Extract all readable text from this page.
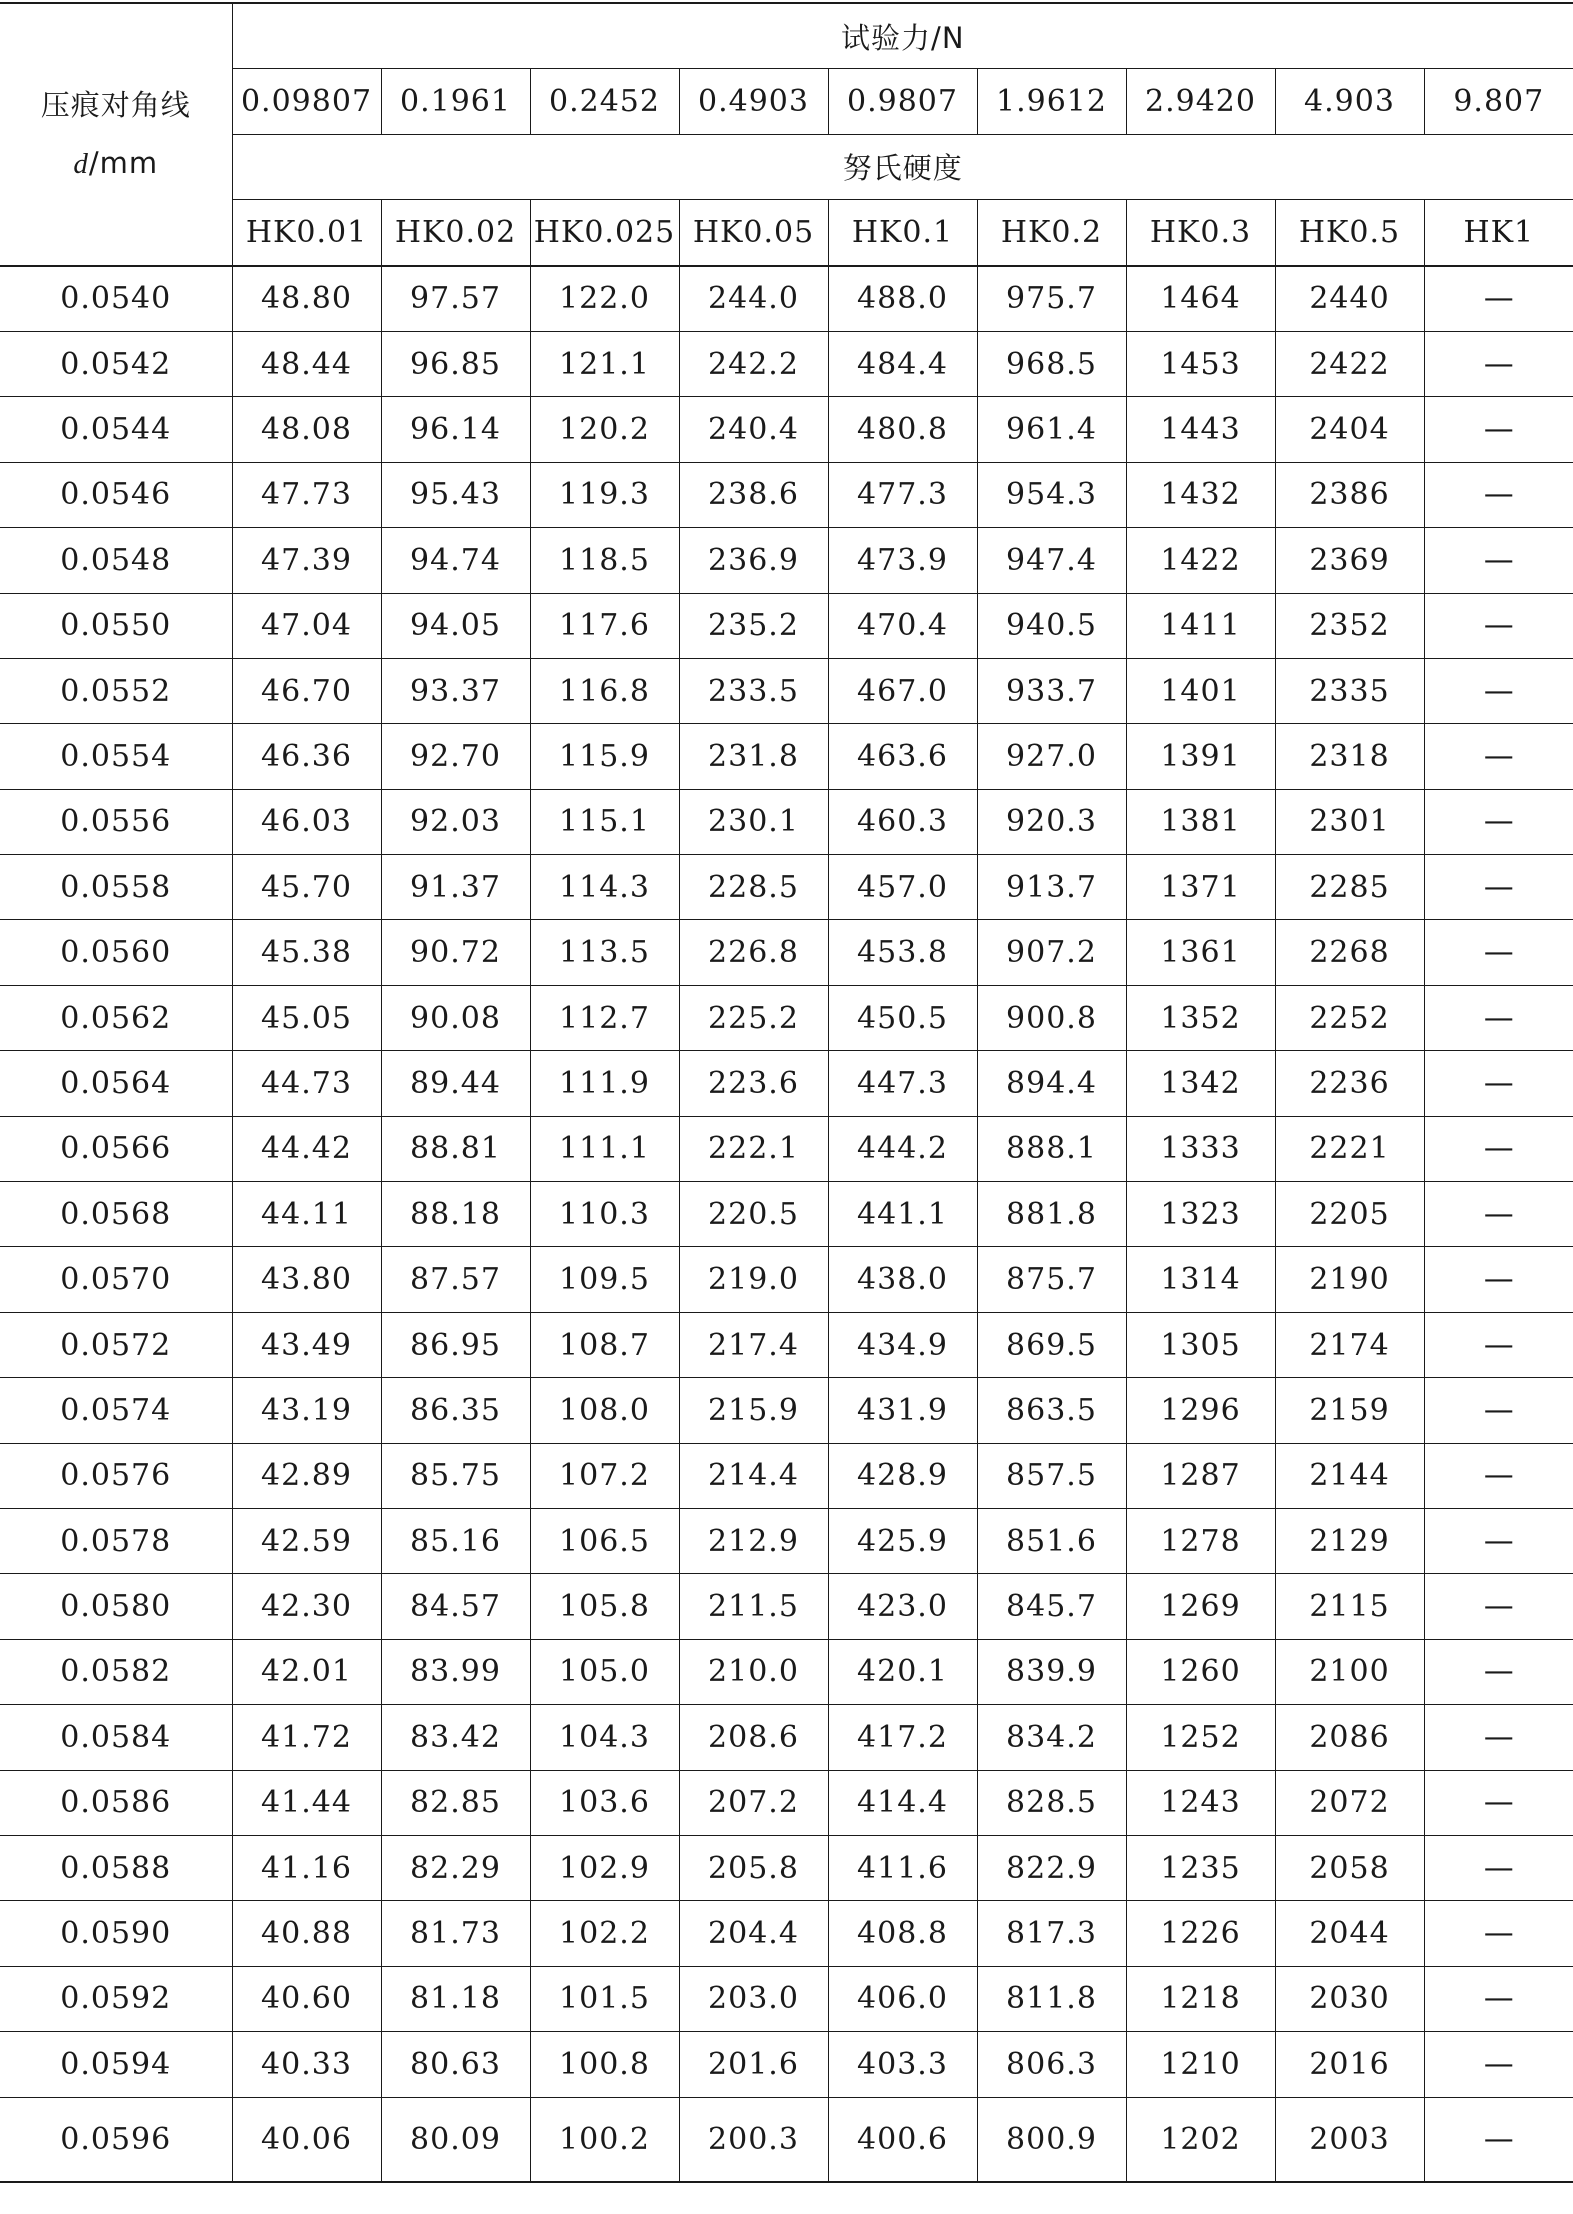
压痕对角线
d/mm	试验力/N								
	0.09807	0.1961	0.2452	0.4903	0.9807	1.9612	2.9420	4.903	9.807
	努氏硬度								
	HK0.01	HK0.02	HK0.025	HK0.05	HK0.1	HK0.2	HK0.3	HK0.5	HK1
0.0540	48.80	97.57	122.0	244.0	488.0	975.7	1464	2440	—
0.0542	48.44	96.85	121.1	242.2	484.4	968.5	1453	2422	—
0.0544	48.08	96.14	120.2	240.4	480.8	961.4	1443	2404	—
0.0546	47.73	95.43	119.3	238.6	477.3	954.3	1432	2386	—
0.0548	47.39	94.74	118.5	236.9	473.9	947.4	1422	2369	—
0.0550	47.04	94.05	117.6	235.2	470.4	940.5	1411	2352	—
0.0552	46.70	93.37	116.8	233.5	467.0	933.7	1401	2335	—
0.0554	46.36	92.70	115.9	231.8	463.6	927.0	1391	2318	—
0.0556	46.03	92.03	115.1	230.1	460.3	920.3	1381	2301	—
0.0558	45.70	91.37	114.3	228.5	457.0	913.7	1371	2285	—
0.0560	45.38	90.72	113.5	226.8	453.8	907.2	1361	2268	—
0.0562	45.05	90.08	112.7	225.2	450.5	900.8	1352	2252	—
0.0564	44.73	89.44	111.9	223.6	447.3	894.4	1342	2236	—
0.0566	44.42	88.81	111.1	222.1	444.2	888.1	1333	2221	—
0.0568	44.11	88.18	110.3	220.5	441.1	881.8	1323	2205	—
0.0570	43.80	87.57	109.5	219.0	438.0	875.7	1314	2190	—
0.0572	43.49	86.95	108.7	217.4	434.9	869.5	1305	2174	—
0.0574	43.19	86.35	108.0	215.9	431.9	863.5	1296	2159	—
0.0576	42.89	85.75	107.2	214.4	428.9	857.5	1287	2144	—
0.0578	42.59	85.16	106.5	212.9	425.9	851.6	1278	2129	—
0.0580	42.30	84.57	105.8	211.5	423.0	845.7	1269	2115	—
0.0582	42.01	83.99	105.0	210.0	420.1	839.9	1260	2100	—
0.0584	41.72	83.42	104.3	208.6	417.2	834.2	1252	2086	—
0.0586	41.44	82.85	103.6	207.2	414.4	828.5	1243	2072	—
0.0588	41.16	82.29	102.9	205.8	411.6	822.9	1235	2058	—
0.0590	40.88	81.73	102.2	204.4	408.8	817.3	1226	2044	—
0.0592	40.60	81.18	101.5	203.0	406.0	811.8	1218	2030	—
0.0594	40.33	80.63	100.8	201.6	403.3	806.3	1210	2016	—
0.0596	40.06	80.09	100.2	200.3	400.6	800.9	1202	2003	—
